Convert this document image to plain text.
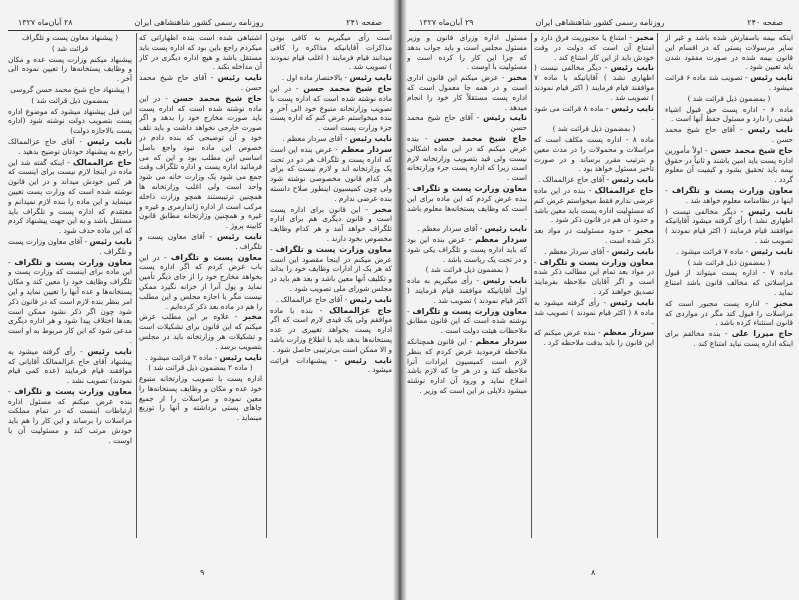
صفحه ۲۴۱
روزنامه رسمی کشور شاهنشاهی ایران
۲۸ آبان‌ماه ۱۳۲۷

است رأی میگیریم به کافی بودن مذاکرات آقایانیکه مذاکره را کافی میدانند قیام فرمایند ( اغلب قیام نمودند ) تصویب شد .

نایب رئیس - بالاختصار ماده اول .

حاج شیخ محمد حسن - در این ماده نوشته شده است که اداره پست با تصویب وزارتخانه متبوع خود الی آخر و بنده میخواستم عرض کنم که اداره پست جزء وزارت پست است .

نایب رئیس - آقای سردار معظم .

سردار معظم - عرض بنده این است که اداره پست و تلگراف هر دو در تحت یک وزارتخانه اند و لازم نیست که برای هر کدام قانون مخصوصی نوشته شود ولی چون کمیسیون اینطور صلاح دانسته بنده عرضی ندارم .

مخبر - این قانون برای اداره پست است و قانون دیگری هم برای اداره تلگراف خواهد آمد و هر کدام وظایف مخصوص بخود دارند .

معاون وزارت پست و تلگراف - عرض میکنم در اینجا مقصود این است که هر یک از ادارات وظایف خود را بداند و تکلیف آنها معین باشد و بعد هم باید در مجلس شورای ملی تصویب شود .

نایب رئیس - آقای حاج عزالممالک .

حاج عزالممالک - بنده با ماده موافقم ولی یک قیدی لازم است که اگر اداره پست بخواهد تغییری در عده پستخانه‌ها بدهد باید با اطلاع وزارت باشد و الا ممکن است بی‌ترتیبی حاصل شود .

نایب رئیس - پیشنهادات قرائت میشود .

اشتباهی شده است بنده اظهاراتی که میکردم راجع باین بود که اداره پست باید مستقل باشد و هیچ اداره دیگری در کار آن مداخله نکند .

نایب رئیس - آقای حاج شیخ محمد حسن .

حاج شیخ محمد حسن - در این ماده نوشته شده است که اداره پست باید صورت مخارج خود را بدهد و اگر صورت خارجی نخواهد داشت و باید تلف خود و آن توضیحی که بنده دادم در خصوص این ماده نبود واجع باصل اساسی این مطلب بود و این که می فرمائید اداره پست و اداره تلگراف وقت جمع می شود یک وزارت خانه می شود واحد است ولی اغلب وزارتخانه ها همچنین ترتیبستند همچو وزارت داخله مرکب است از اداره ژاندارمری و غیره و غیره و همچنین وزارتخانه مطابق قانون کابینه پروژ .

نایب رئیس - آقای معاون پست و تلگراف .

معاون پست و تلگراف - در این باب عرض کردم که اگر اداره پست بخواهد مخارج خود را از جای دیگر تأمین نماید و پول آنرا از خزانه نگیرد ممکن نیست مگر با اجازه مجلس و این مطلب را هم در ماده بعد ذکر کرده‌ایم .

مخبر - علاوه بر این مطلب عرض میکنم که این قانون برای تشکیلات است و تشکیلات هر وزارتخانه باید در مجلس بتصویب برسد .

نایب رئیس - ماده ۲ قرائت میشود .

( ماده ۲ بمضمون ذیل قرائت شد )

اداره پست با تصویب وزارتخانه متبوع خود عده و مکان و وظایف پستخانه‌ها را معین نموده و مراسلات را از جمیع جاهای پستی برداشته و آنها را توزیع مینماید .

( پیشنهاد معاون پست و تلگراف

قرائت شد )

پیشنهاد میکنم وزارت پست عده و مکان و وظایف پستخانه‌ها را تعیین نموده الی آخر .

( پیشنهاد حاج شیخ محمد حسن گروسی

بمضمون ذیل قرائت شد )

این قبل پیشنهاد میشود که موضوع اداره پست بتصویب دولت نوشته شود (اداره پست بالاجازه دولت)

نایب رئیس - آقای حاج عزالممالک راجع به پیشنهاد خودتان توضیح بدهید .

حاج عزالممالک - اینکه گفته شد این ماده در اینجا لازم نیست برای اینست که هر کس خودش میداند و در این قانون نوشته شده است که وزارت پست تعیین مینماید و این ماده را بنده لازم نمیدانم و معتقدم که اداره پست و تلگراف باید مستقل باشد و به این جهت پیشنهاد کردم که این ماده حذف شود .

نایب رئیس - آقای معاون وزارت پست و تلگراف .

معاون وزارت پست و تلگراف - این ماده برای اینست که وزارت پست و تلگراف وظایف خود را معین کند و مکان پستخانه‌ها و عده آنها را تعیین نماید و این امر بنظر بنده لازم است که در قانون ذکر شود چون اگر ذکر نشود ممکن است بعدها اختلاف پیدا شود و هر اداره دیگری مدعی شود که این کار مربوط به او است .

نایب رئیس - رأی گرفته میشود به پیشنهاد آقای حاج عزالممالک آقایانی که موافقند قیام فرمایند (عده کمی قیام نمودند) تصویب نشد .

معاون وزارت پست و تلگراف - بنده عرض میکنم که مسئول اداره ارتباطات اینست که در تمام مملکت مراسلات را برساند و این کار را هم باید خودش مرتب کند و مسئولیت آن با اوست .

۹
صفحه ۲۴۰
روزنامه رسمی کشور شاهنشاهی ایران
۲۹ آبان‌ماه ۱۳۲۷

اینکه بیمه باسفارش شده باشد و غیر از سایر مرسولات پستی که در اقسام این قانون بیمه شده در صورت مفقود شدن باید تعیین شود .

نایب رئیس - تصویب شد ماده ۶ قرائت میشود .

( بمضمون ذیل قرائت شد )

ماده ۶ - اداره پست حق قبول اشیاء قیمتی را دارد و مسئول حفظ آنها است .

نایب رئیس - آقای حاج شیخ محمد حسن .

حاج شیخ محمد حسن - اولاً مأمورین اداره پست باید امین باشند و ثانیاً در حقوق بیمه باید تحقیق بشود و کیفیت آن معلوم گردد .

معاون وزارت پست و تلگراف - اینها در نظامنامه معلوم خواهد شد .

نایب رئیس - دیگر مخالفی نیست ( اظهاری نشد ) رأی گرفته میشود آقایانیکه موافقند قیام فرمایند ( اکثر قیام نمودند ) تصویب شد .

نایب رئیس - ماده ۷ قرائت میشود .

( بمضمون ذیل قرائت شد )

ماده ۷ - اداره پست میتواند از قبول مراسلاتی که مخالف قانون باشد امتناع نماید .

مخبر - اداره پست مجبور است که مراسلات را قبول کند مگر در مواردی که قانون استثناء کرده باشد .

حاج میرزا علی - بنده مخالفم برای اینکه اداره پست نباید امتناع کند .

مخبر - امتناع یا مجبوریت فرق دارد و امتناع آن است که دولت در وقت خودش باید از این کار امتناع کند .

نایب رئیس - دیگر مخالفی نیست ( اظهاری نشد ) آقایانیکه با ماده ۷ موافقند قیام فرمایند ( اکثر قیام نمودند ) تصویب شد .

نایب رئیس - ماده ۸ قرائت می شود .

( بمضمون ذیل قرائت شد )

ماده ۸ - اداره پست مکلف است که مراسلات و محمولات را در مدت معین و بترتیب مقرر برساند و در صورت تأخیر مسئول خواهد بود .

نایب رئیس - آقای حاج عزالممالک .

حاج عزالممالک - بنده در این ماده عرضی ندارم فقط میخواستم عرض کنم که مسئولیت اداره پست باید معین باشد و حدود آن هم در قانون ذکر شود .

مخبر - حدود مسئولیت در مواد بعد ذکر شده است .

نایب رئیس - آقای سردار معظم .

معاون وزارت پست و تلگراف - در مواد بعد تمام این مطالب ذکر شده است و اگر آقایان ملاحظه بفرمایند تصدیق خواهند کرد .

نایب رئیس - رأی گرفته میشود به ماده ۸ ( اکثر قیام نمودند ) تصویب شد .

سردار معظم - بنده عرض میکنم که این قانون را باید بدقت ملاحظه کرد .

مسئول اداره وزرای قانون و وزیر مسئول مجلس است و باید جواب بدهد که چرا این کار را کرده است و مسئولیت با اوست .

مخبر - عرض میکنم این قانون اداری است و در همه جا معمول است که اداره پست مستقلاً کار خود را انجام میدهد .

نایب رئیس - آقای حاج شیخ محمد حسن .

حاج شیخ محمد حسن - بنده عرض میکنم که در این ماده اشکالی نیست ولی قید بتصویب وزارتخانه لازم است زیرا که اداره پست جزء وزارتخانه است .

معاون وزارت پست و تلگراف - بنده عرض کردم که این ماده برای این است که وظایف پستخانه‌ها معلوم باشد .

نایب رئیس - آقای سردار معظم .

سردار معظم - عرض بنده این بود که باید اداره پست و تلگراف یکی شود و در تحت یک ریاست باشد .

( بمضمون ذیل قرائت شد )

نایب رئیس - رأی میگیریم به ماده اول آقایانیکه موافقند قیام فرمایند ( اکثر قیام نمودند ) تصویب شد .

معاون وزارت پست و تلگراف - نوشته شده است که این قانون مطابق ملاحظات هیئت دولت است .

سردار معظم - این قانون همچنانکه ملاحظه فرمودید عرض کردم که بنظر لازم است کمیسیون ایرادات آنرا ملاحظه کند و در هر جا که لازم باشد اصلاح نماید و ورود آن اداره نوشته میشود دلایلی بر این است که وزیر .

۸
